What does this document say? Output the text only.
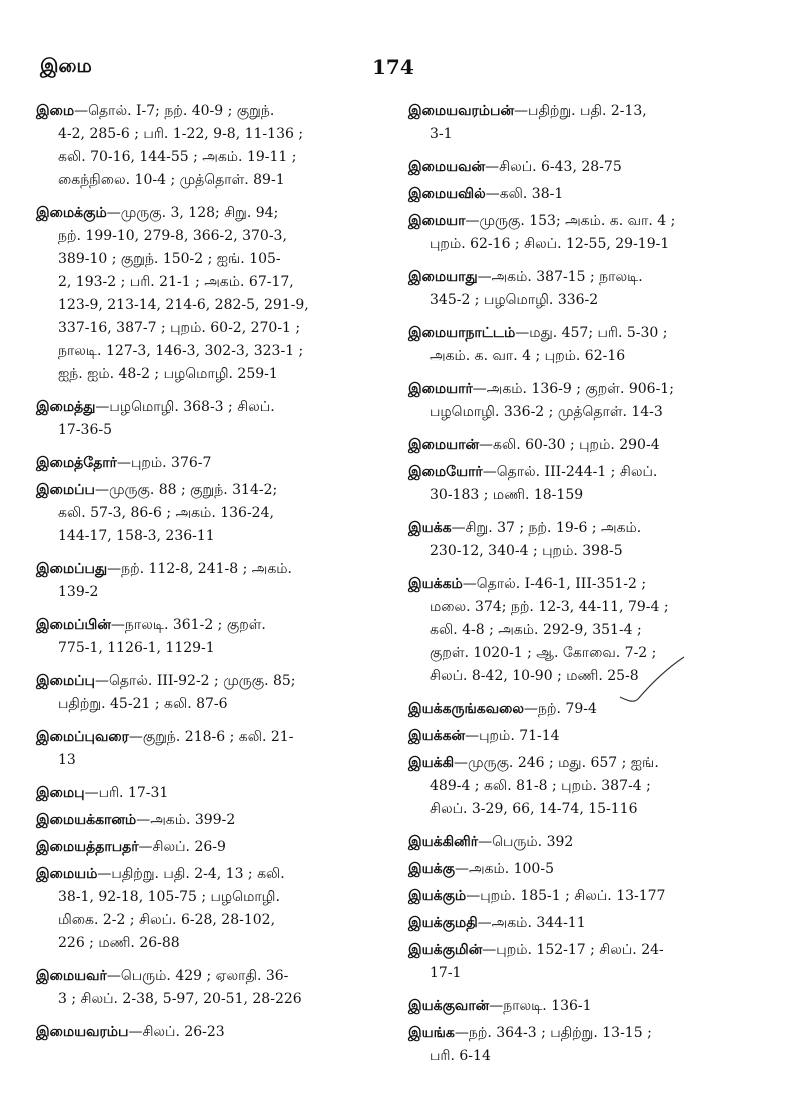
இமை	174
இமை—தொல். I-7; நற். 40-9 ; குறுந்.
4-2, 285-6 ; பரி. 1-22, 9-8, 11-136 ;
கலி. 70-16, 144-55 ; அகம். 19-11 ;
கைந்நிலை. 10-4 ; முத்தொள். 89-1
இமைக்கும்—முருகு. 3, 128; சிறு. 94;
நற். 199-10, 279-8, 366-2, 370-3,
389-10 ; குறுந். 150-2 ; ஐங். 105-
2, 193-2 ; பரி. 21-1 ; அகம். 67-17,
123-9, 213-14, 214-6, 282-5, 291-9,
337-16, 387-7 ; புறம். 60-2, 270-1 ;
நாலடி. 127-3, 146-3, 302-3, 323-1 ;
ஐந். ஐம். 48-2 ; பழமொழி. 259-1
இமைத்து—பழமொழி. 368-3 ; சிலப்.
17-36-5
இமைத்தோர்—புறம். 376-7
இமைப்ப—முருகு. 88 ; குறுந். 314-2;
கலி. 57-3, 86-6 ; அகம். 136-24,
144-17, 158-3, 236-11
இமைப்பது—நற். 112-8, 241-8 ; அகம்.
139-2
இமைப்பின்—நாலடி. 361-2 ; குறள்.
775-1, 1126-1, 1129-1
இமைப்பு—தொல். III-92-2 ; முருகு. 85;
பதிற்று. 45-21 ; கலி. 87-6
இமைப்புவரை—குறுந். 218-6 ; கலி. 21-
13
இமைபு—பரி. 17-31
இமையக்கானம்—அகம். 399-2
இமையத்தாபதர்—சிலப். 26-9
இமையம்—பதிற்று. பதி. 2-4, 13 ; கலி.
38-1, 92-18, 105-75 ; பழமொழி.
மிகை. 2-2 ; சிலப். 6-28, 28-102,
226 ; மணி. 26-88
இமையவர்—பெரும். 429 ; ஏலாதி. 36-
3 ; சிலப். 2-38, 5-97, 20-51, 28-226
இமையவரம்ப—சிலப். 26-23
இமையவரம்பன்—பதிற்று. பதி. 2-13,
3-1
இமையவன்—சிலப். 6-43, 28-75
இமையவில்—கலி. 38-1
இமையா—முருகு. 153; அகம். க. வா. 4 ;
புறம். 62-16 ; சிலப். 12-55, 29-19-1
இமையாது—அகம். 387-15 ; நாலடி.
345-2 ; பழமொழி. 336-2
இமையாநாட்டம்—மது. 457; பரி. 5-30 ;
அகம். க. வா. 4 ; புறம். 62-16
இமையார்—அகம். 136-9 ; குறள். 906-1;
பழமொழி. 336-2 ; முத்தொள். 14-3
இமையான்—கலி. 60-30 ; புறம். 290-4
இமையோர்—தொல். III-244-1 ; சிலப்.
30-183 ; மணி. 18-159
இயக்க—சிறு. 37 ; நற். 19-6 ; அகம்.
230-12, 340-4 ; புறம். 398-5
இயக்கம்—தொல். I-46-1, III-351-2 ;
மலை. 374; நற். 12-3, 44-11, 79-4 ;
கலி. 4-8 ; அகம். 292-9, 351-4 ;
குறள். 1020-1 ; ஆ. கோவை. 7-2 ;
சிலப். 8-42, 10-90 ; மணி. 25-8
இயக்கருங்கவலை—நற். 79-4
இயக்கன்—புறம். 71-14
இயக்கி—முருகு. 246 ; மது. 657 ; ஐங்.
489-4 ; கலி. 81-8 ; புறம். 387-4 ;
சிலப். 3-29, 66, 14-74, 15-116
இயக்கினிர்—பெரும். 392
இயக்கு—அகம். 100-5
இயக்கும்—புறம். 185-1 ; சிலப். 13-177
இயக்குமதி—அகம். 344-11
இயக்குமின்—புறம். 152-17 ; சிலப். 24-
17-1
இயக்குவான்—நாலடி. 136-1
இயங்க—நற். 364-3 ; பதிற்று. 13-15 ;
பரி. 6-14
